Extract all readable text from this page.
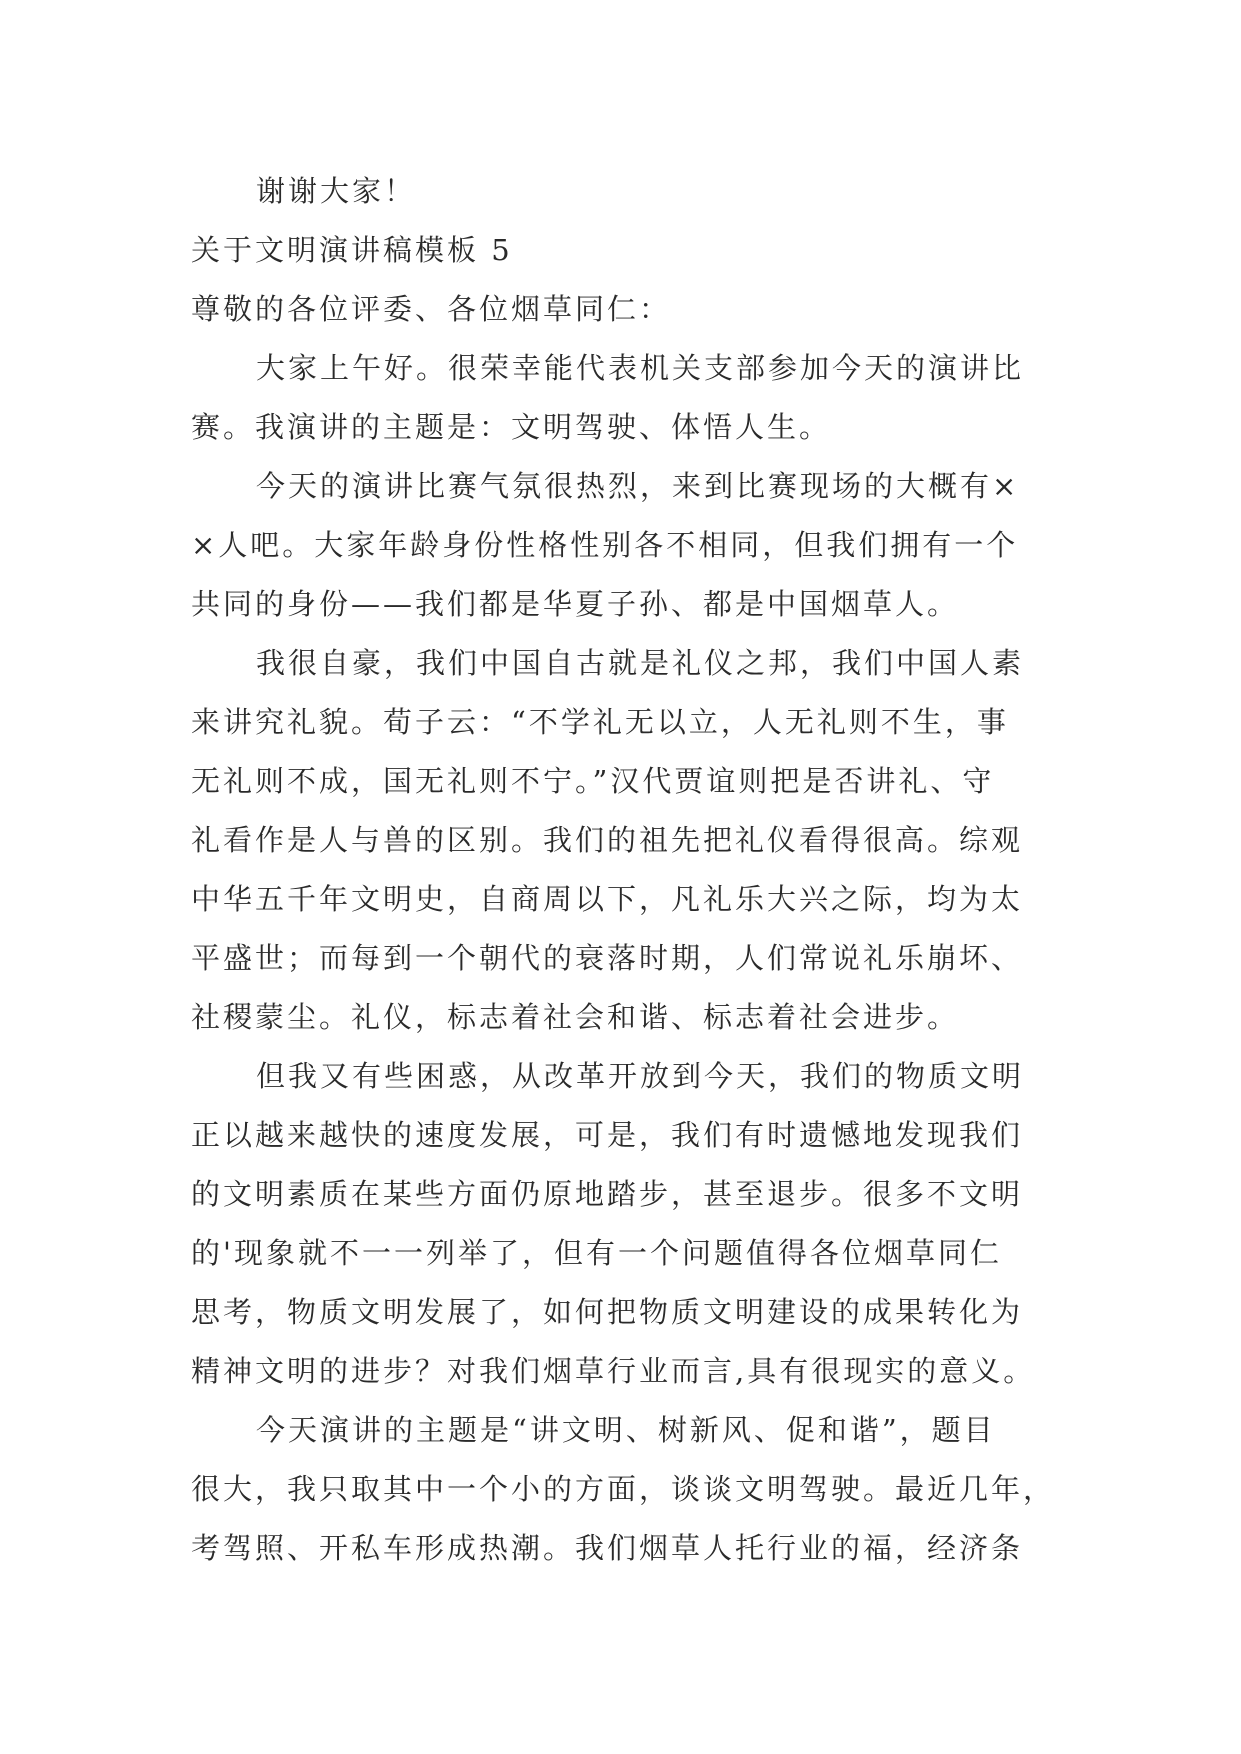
谢谢大家！

关于文明演讲稿模板 5

尊敬的各位评委、各位烟草同仁：

大家上午好。很荣幸能代表机关支部参加今天的演讲比

赛。我演讲的主题是：文明驾驶、体悟人生。

今天的演讲比赛气氛很热烈，来到比赛现场的大概有×

×人吧。大家年龄身份性格性别各不相同，但我们拥有一个

共同的身份——我们都是华夏子孙、都是中国烟草人。

我很自豪，我们中国自古就是礼仪之邦，我们中国人素

来讲究礼貌。荀子云：“不学礼无以立，人无礼则不生，事

无礼则不成，国无礼则不宁。”汉代贾谊则把是否讲礼、守

礼看作是人与兽的区别。我们的祖先把礼仪看得很高。综观

中华五千年文明史，自商周以下，凡礼乐大兴之际，均为太

平盛世；而每到一个朝代的衰落时期，人们常说礼乐崩坏、

社稷蒙尘。礼仪，标志着社会和谐、标志着社会进步。

但我又有些困惑，从改革开放到今天，我们的物质文明

正以越来越快的速度发展，可是，我们有时遗憾地发现我们

的文明素质在某些方面仍原地踏步，甚至退步。很多不文明

的'现象就不一一列举了，但有一个问题值得各位烟草同仁

思考，物质文明发展了，如何把物质文明建设的成果转化为

精神文明的进步？对我们烟草行业而言,具有很现实的意义。

今天演讲的主题是“讲文明、树新风、促和谐”，题目

很大，我只取其中一个小的方面，谈谈文明驾驶。最近几年，

考驾照、开私车形成热潮。我们烟草人托行业的福，经济条
